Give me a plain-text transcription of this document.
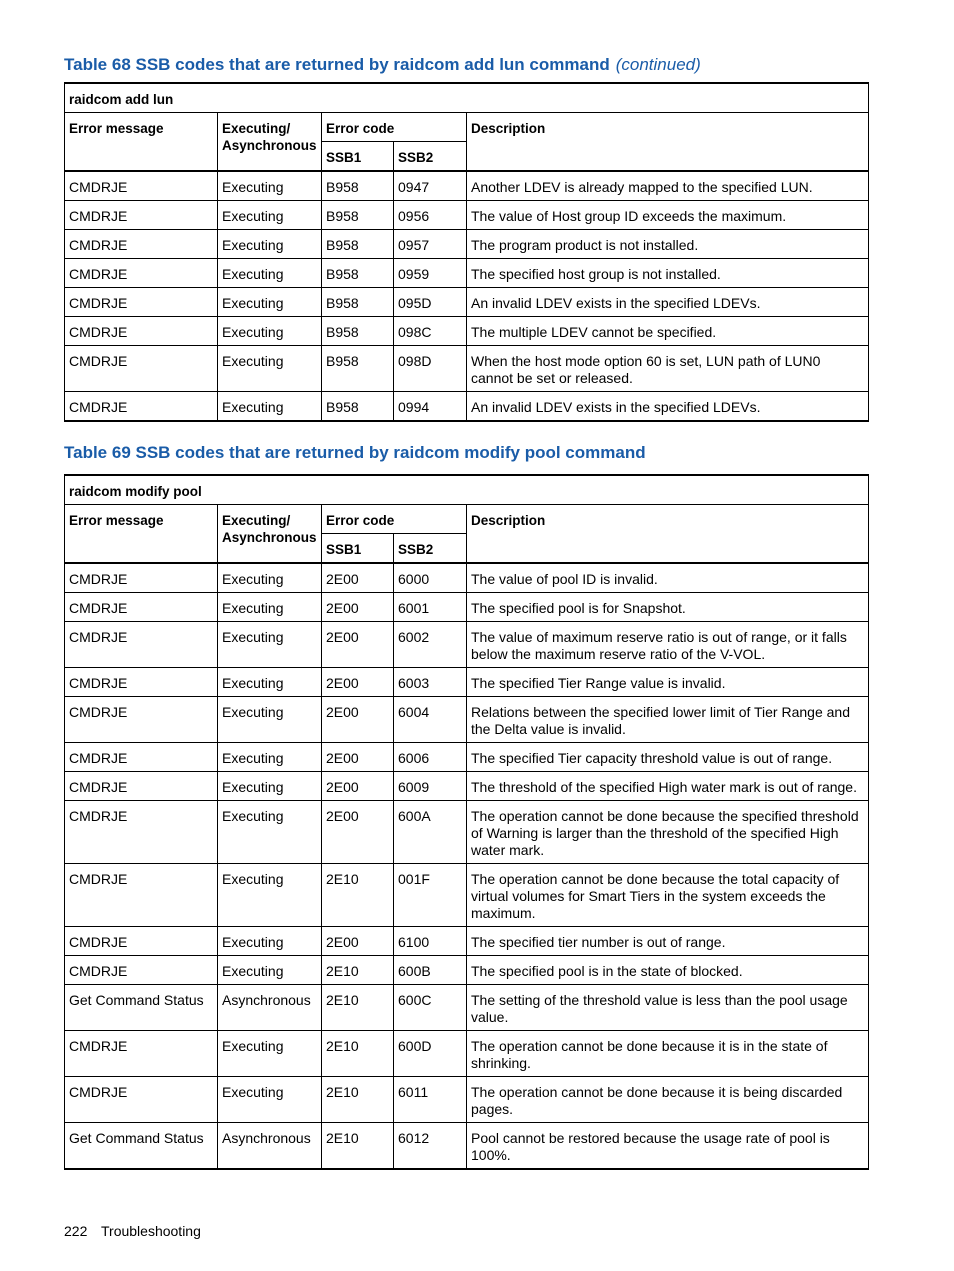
Table 68 SSB codes that are returned by raidcom add lun command (continued)
raidcom add lun				
Error message	Executing/ Asynchronous	Error code		Description
		SSB1	SSB2	
CMDRJE	Executing	B958	0947	Another LDEV is already mapped to the specified LUN.
CMDRJE	Executing	B958	0956	The value of Host group ID exceeds the maximum.
CMDRJE	Executing	B958	0957	The program product is not installed.
CMDRJE	Executing	B958	0959	The specified host group is not installed.
CMDRJE	Executing	B958	095D	An invalid LDEV exists in the specified LDEVs.
CMDRJE	Executing	B958	098C	The multiple LDEV cannot be specified.
CMDRJE	Executing	B958	098D	When the host mode option 60 is set, LUN path of LUN0 cannot be set or released.
CMDRJE	Executing	B958	0994	An invalid LDEV exists in the specified LDEVs.
Table 69 SSB codes that are returned by raidcom modify pool command
raidcom modify pool				
Error message	Executing/ Asynchronous	Error code		Description
		SSB1	SSB2	
CMDRJE	Executing	2E00	6000	The value of pool ID is invalid.
CMDRJE	Executing	2E00	6001	The specified pool is for Snapshot.
CMDRJE	Executing	2E00	6002	The value of maximum reserve ratio is out of range, or it falls below the maximum reserve ratio of the V-VOL.
CMDRJE	Executing	2E00	6003	The specified Tier Range value is invalid.
CMDRJE	Executing	2E00	6004	Relations between the specified lower limit of Tier Range and the Delta value is invalid.
CMDRJE	Executing	2E00	6006	The specified Tier capacity threshold value is out of range.
CMDRJE	Executing	2E00	6009	The threshold of the specified High water mark is out of range.
CMDRJE	Executing	2E00	600A	The operation cannot be done because the specified threshold of Warning is larger than the threshold of the specified High water mark.
CMDRJE	Executing	2E10	001F	The operation cannot be done because the total capacity of virtual volumes for Smart Tiers in the system exceeds the maximum.
CMDRJE	Executing	2E00	6100	The specified tier number is out of range.
CMDRJE	Executing	2E10	600B	The specified pool is in the state of blocked.
Get Command Status	Asynchronous	2E10	600C	The setting of the threshold value is less than the pool usage value.
CMDRJE	Executing	2E10	600D	The operation cannot be done because it is in the state of shrinking.
CMDRJE	Executing	2E10	6011	The operation cannot be done because it is being discarded pages.
Get Command Status	Asynchronous	2E10	6012	Pool cannot be restored because the usage rate of pool is 100%.
222 Troubleshooting
